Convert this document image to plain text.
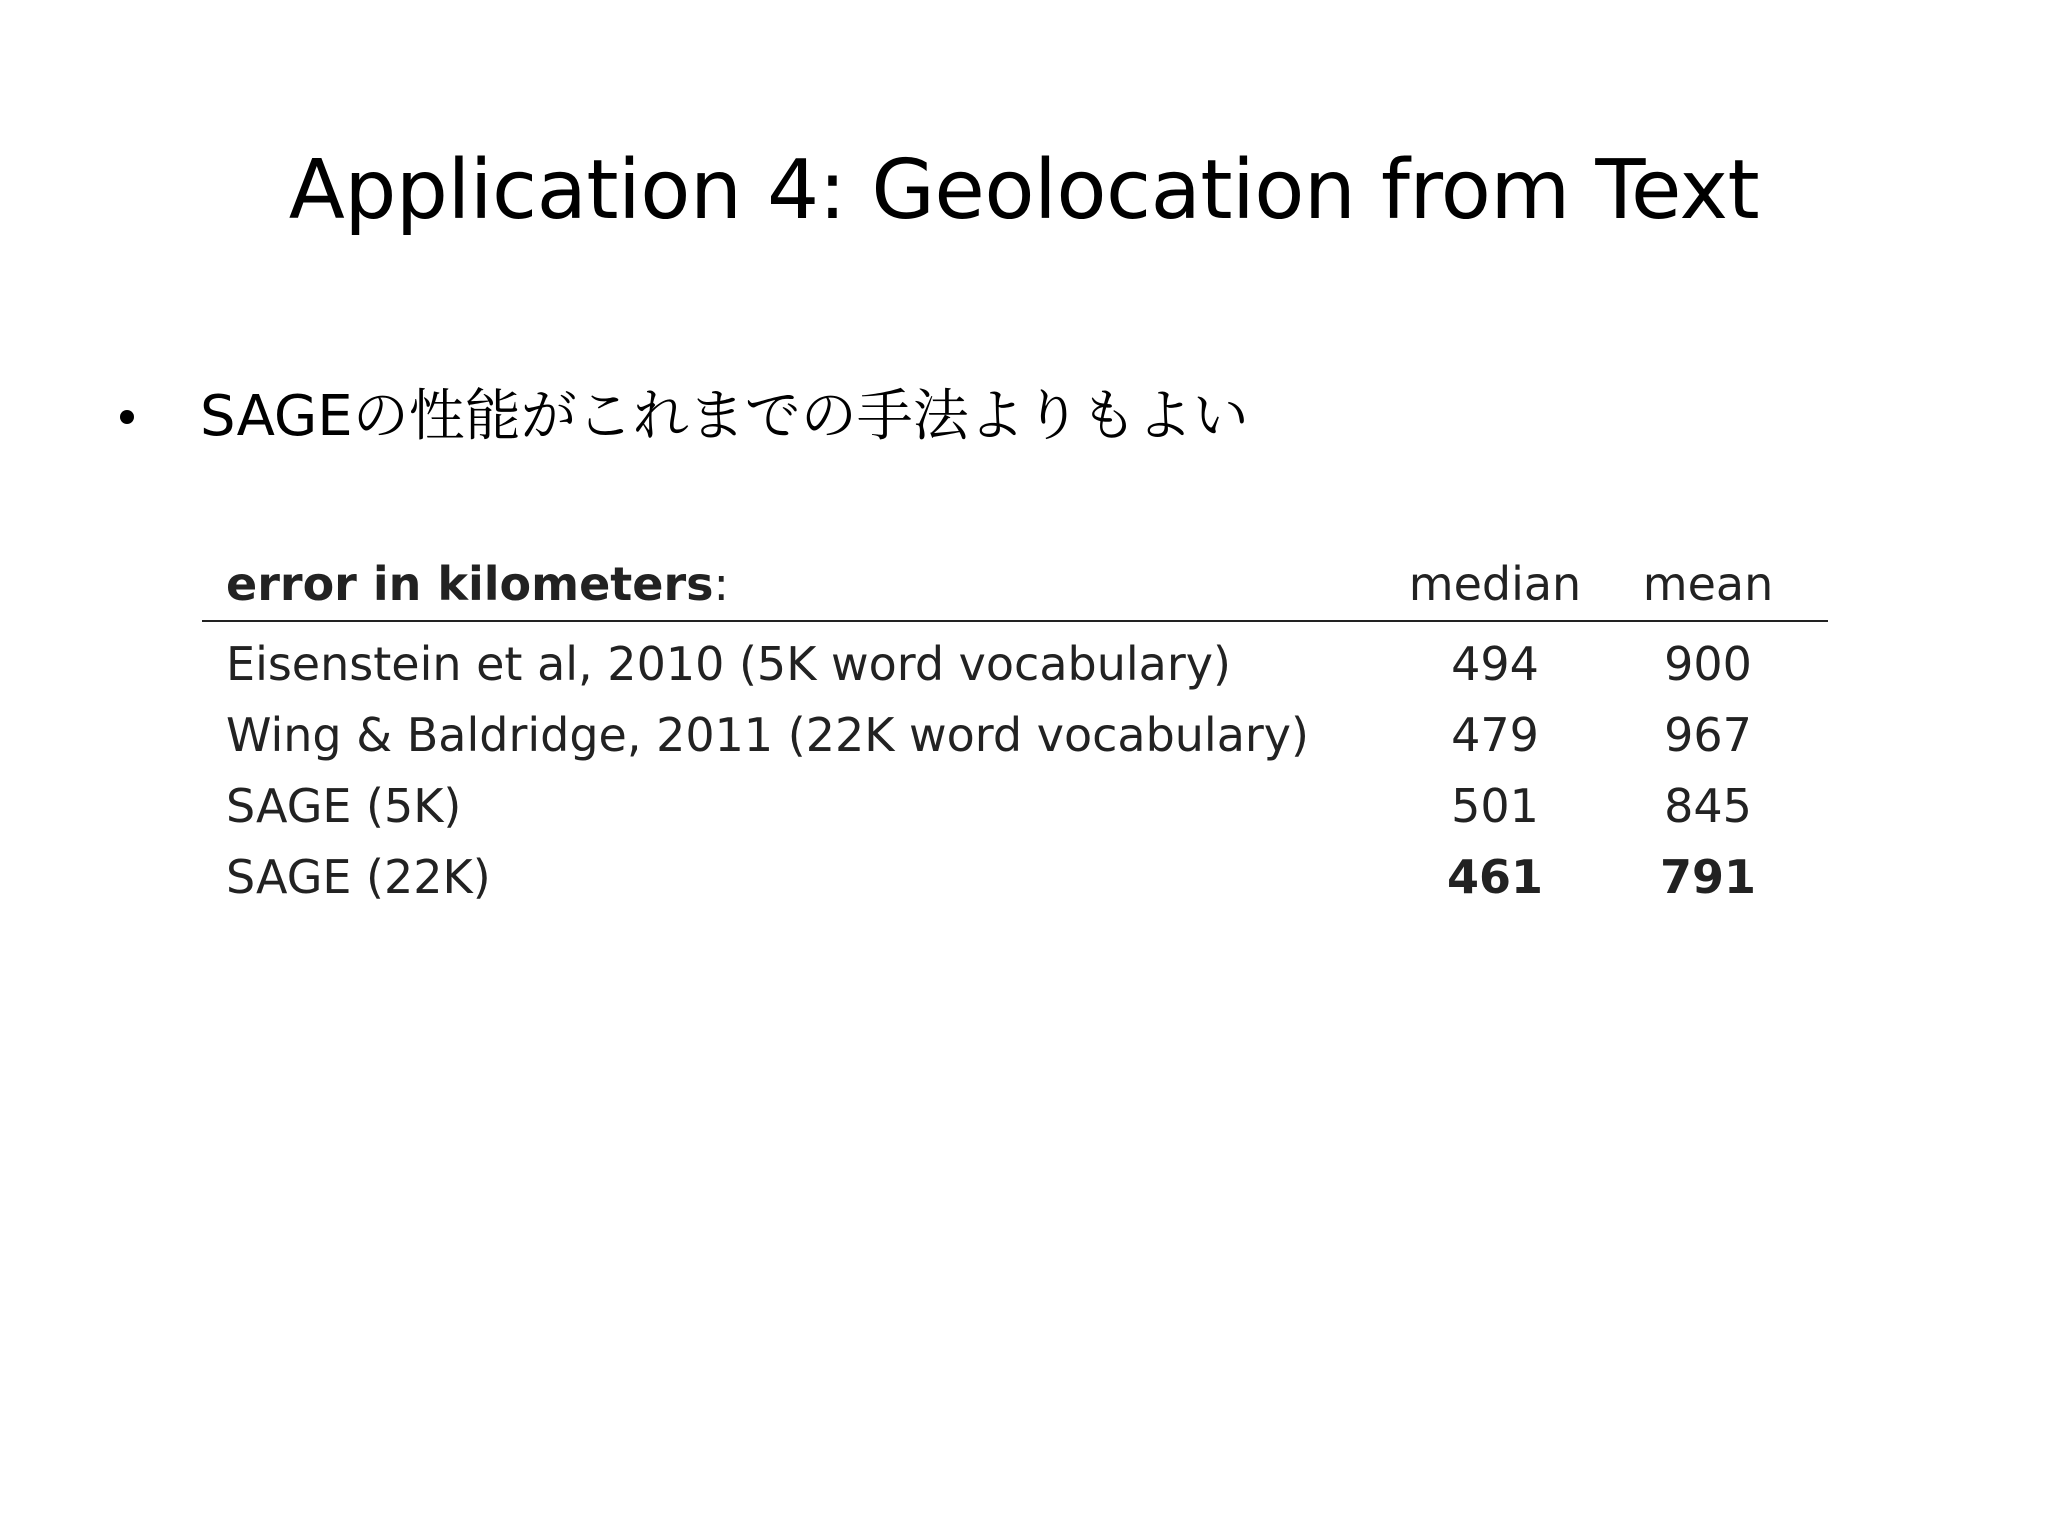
Application 4: Geolocation from Text
SAGEの性能がこれまでの手法よりもよい
error in kilometers:	median	mean
Eisenstein et al, 2010 (5K word vocabulary)	494	900
Wing & Baldridge, 2011 (22K word vocabulary)	479	967
SAGE (5K)	501	845
SAGE (22K)	461	791
